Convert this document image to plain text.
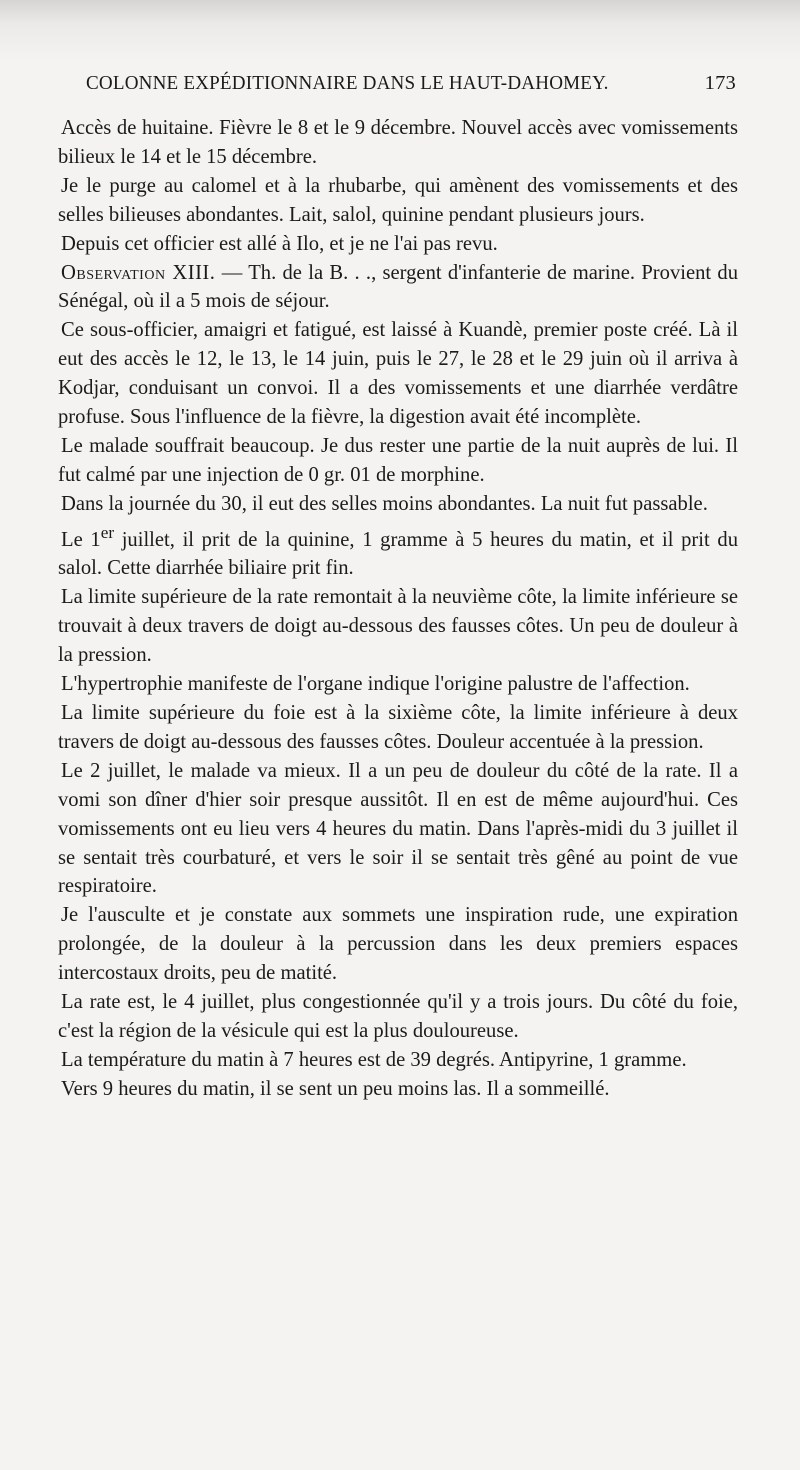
COLONNE EXPÉDITIONNAIRE DANS LE HAUT-DAHOMEY.	173

Accès de huitaine. Fièvre le 8 et le 9 décembre. Nouvel accès avec vomissements bilieux le 14 et le 15 décembre.

Je le purge au calomel et à la rhubarbe, qui amènent des vomissements et des selles bilieuses abondantes. Lait, salol, quinine pendant plusieurs jours.

Depuis cet officier est allé à Ilo, et je ne l'ai pas revu.

Observation XIII. — Th. de la B. . ., sergent d'infanterie de marine. Provient du Sénégal, où il a 5 mois de séjour.

Ce sous-officier, amaigri et fatigué, est laissé à Kuandè, premier poste créé. Là il eut des accès le 12, le 13, le 14 juin, puis le 27, le 28 et le 29 juin où il arriva à Kodjar, conduisant un convoi. Il a des vomissements et une diarrhée verdâtre profuse. Sous l'influence de la fièvre, la digestion avait été incomplète.

Le malade souffrait beaucoup. Je dus rester une partie de la nuit auprès de lui. Il fut calmé par une injection de 0 gr. 01 de morphine.

Dans la journée du 30, il eut des selles moins abondantes. La nuit fut passable.

Le 1er juillet, il prit de la quinine, 1 gramme à 5 heures du matin, et il prit du salol. Cette diarrhée biliaire prit fin.

La limite supérieure de la rate remontait à la neuvième côte, la limite inférieure se trouvait à deux travers de doigt au-dessous des fausses côtes. Un peu de douleur à la pression.

L'hypertrophie manifeste de l'organe indique l'origine palustre de l'affection.

La limite supérieure du foie est à la sixième côte, la limite inférieure à deux travers de doigt au-dessous des fausses côtes. Douleur accentuée à la pression.

Le 2 juillet, le malade va mieux. Il a un peu de douleur du côté de la rate. Il a vomi son dîner d'hier soir presque aussitôt. Il en est de même aujourd'hui. Ces vomissements ont eu lieu vers 4 heures du matin. Dans l'après-midi du 3 juillet il se sentait très courbaturé, et vers le soir il se sentait très gêné au point de vue respiratoire.

Je l'ausculte et je constate aux sommets une inspiration rude, une expiration prolongée, de la douleur à la percussion dans les deux premiers espaces intercostaux droits, peu de matité.

La rate est, le 4 juillet, plus congestionnée qu'il y a trois jours. Du côté du foie, c'est la région de la vésicule qui est la plus douloureuse.

La température du matin à 7 heures est de 39 degrés. Antipyrine, 1 gramme.

Vers 9 heures du matin, il se sent un peu moins las. Il a sommeillé.
